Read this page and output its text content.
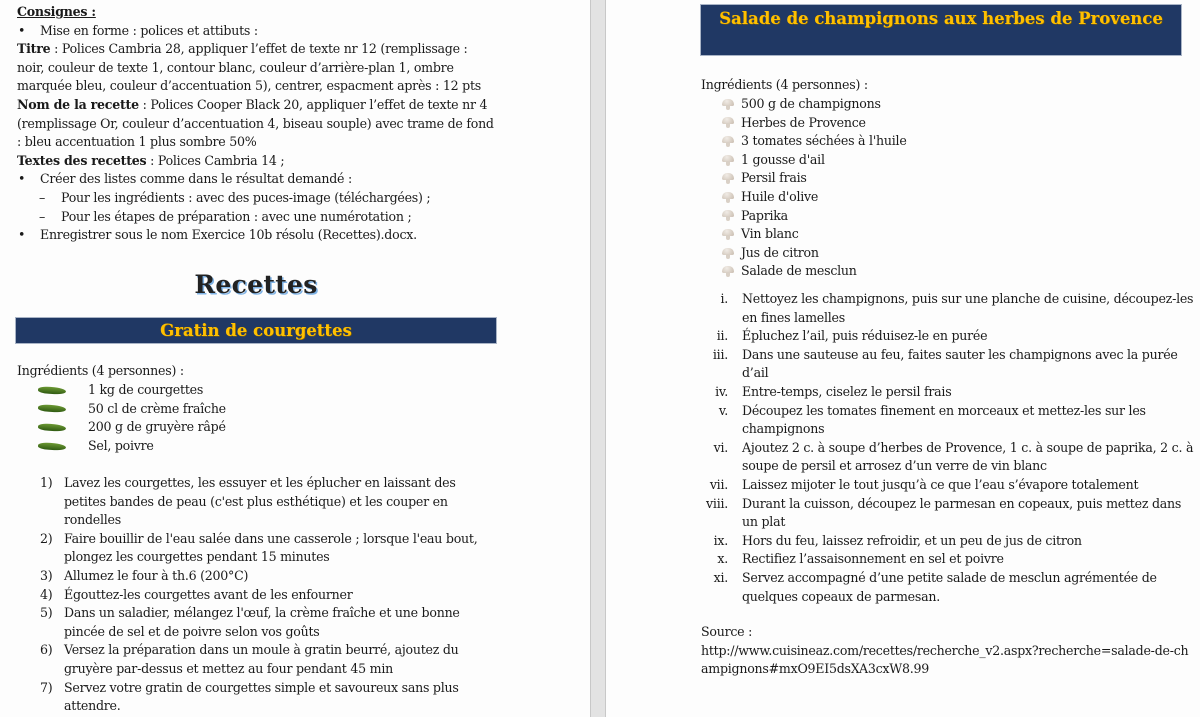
Consignes :
•	Mise en forme : polices et attibuts :
Titre : Polices Cambria 28, appliquer l’effet de texte nr 12 (remplissage : noir, couleur de texte 1, contour blanc, couleur d’arrière-plan 1, ombre marquée bleu, couleur d’accentuation 5), centrer, espacment après : 12 pts
Nom de la recette : Polices Cooper Black 20, appliquer l’effet de texte nr 4 (remplissage Or, couleur d’accentuation 4, biseau souple) avec trame de fond : bleu accentuation 1 plus sombre 50%
Textes des recettes : Polices Cambria 14 ;
•	Créer des listes comme dans le résultat demandé :
–	Pour les ingrédients : avec des puces-image (téléchargées) ;
–	Pour les étapes de préparation : avec une numérotation ;
•	Enregistrer sous le nom Exercice 10b résolu (Recettes).docx.
Recettes
Gratin de courgettes
Ingrédients (4 personnes) :
1 kg de courgettes
50 cl de crème fraîche
200 g de gruyère râpé
Sel, poivre
1) Lavez les courgettes, les essuyer et les éplucher en laissant des petites bandes de peau (c'est plus esthétique) et les couper en rondelles
2) Faire bouillir de l'eau salée dans une casserole ; lorsque l'eau bout, plongez les courgettes pendant 15 minutes
3) Allumez le four à th.6 (200°C)
4) Égouttez-les courgettes avant de les enfourner
5) Dans un saladier, mélangez l'œuf, la crème fraîche et une bonne pincée de sel et de poivre selon vos goûts
6) Versez la préparation dans un moule à gratin beurré, ajoutez du gruyère par-dessus et mettez au four pendant 45 min
7) Servez votre gratin de courgettes simple et savoureux sans plus attendre.
Salade de champignons aux herbes de Provence
Ingrédients (4 personnes) :
500 g de champignons
Herbes de Provence
3 tomates séchées à l'huile
1 gousse d'ail
Persil frais
Huile d'olive
Paprika
Vin blanc
Jus de citron
Salade de mesclun
i.	Nettoyez les champignons, puis sur une planche de cuisine, découpez-les en fines lamelles
ii.	Épluchez l’ail, puis réduisez-le en purée
iii.	Dans une sauteuse au feu, faites sauter les champignons avec la purée d’ail
iv.	Entre-temps, ciselez le persil frais
v.	Découpez les tomates finement en morceaux et mettez-les sur les champignons
vi.	Ajoutez 2 c. à soupe d’herbes de Provence, 1 c. à soupe de paprika, 2 c. à soupe de persil et arrosez d’un verre de vin blanc
vii.	Laissez mijoter le tout jusqu’à ce que l’eau s’évapore totalement
viii.	Durant la cuisson, découpez le parmesan en copeaux, puis mettez dans un plat
ix.	Hors du feu, laissez refroidir, et un peu de jus de citron
x.	Rectifiez l’assaisonnement en sel et poivre
xi.	Servez accompagné d’une petite salade de mesclun agrémentée de quelques copeaux de parmesan.
Source :
http://www.cuisineaz.com/recettes/recherche_v2.aspx?recherche=salade-de-champignons#mxO9EI5dsXA3cxW8.99
